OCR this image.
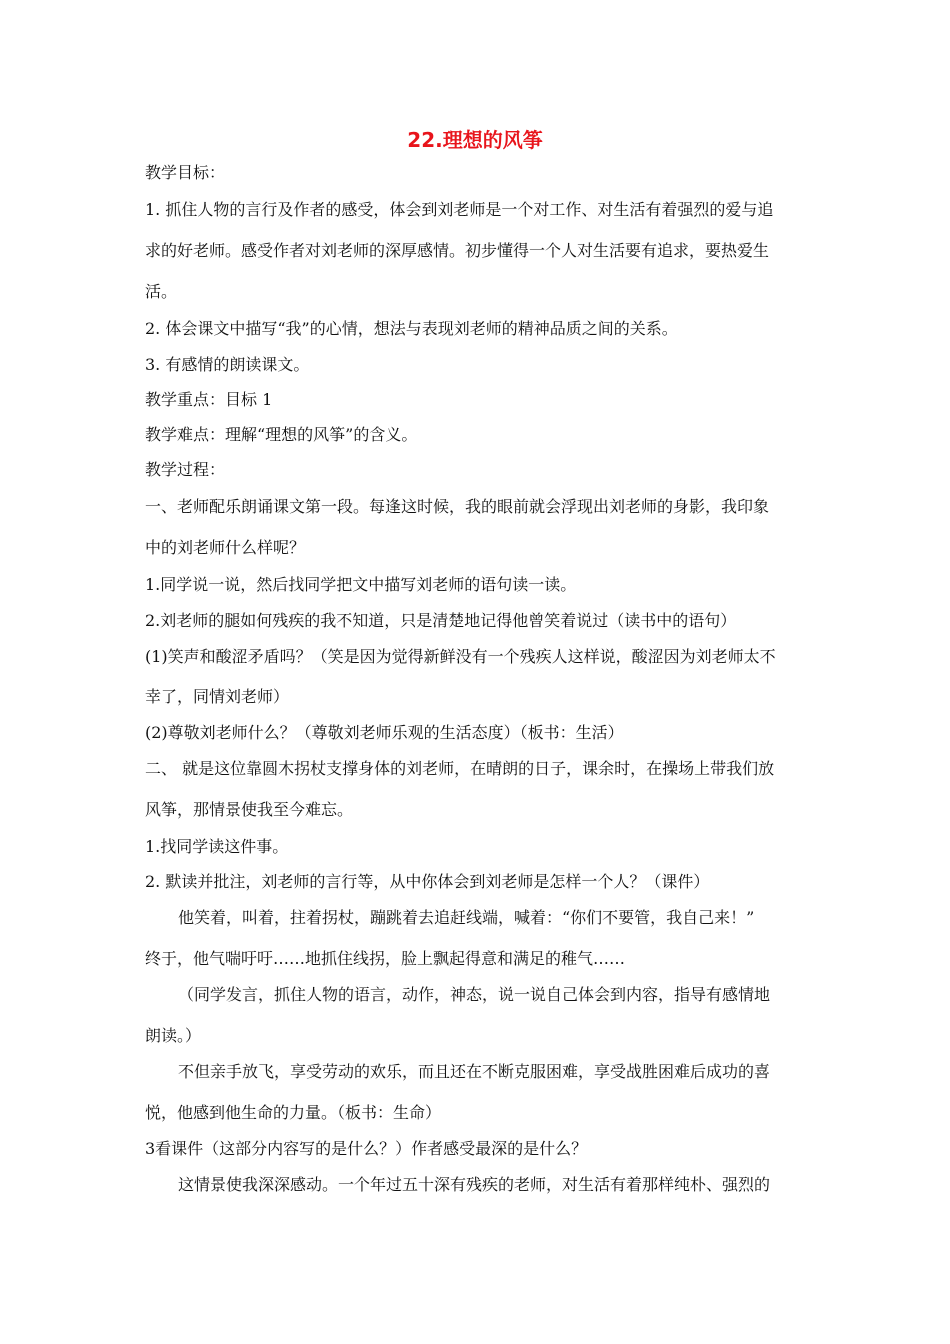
22.理想的风筝
教学目标：
1. 抓住人物的言行及作者的感受，体会到刘老师是一个对工作、对生活有着强烈的爱与追
求的好老师。感受作者对刘老师的深厚感情。初步懂得一个人对生活要有追求，要热爱生
活。
2. 体会课文中描写“我”的心情，想法与表现刘老师的精神品质之间的关系。
3. 有感情的朗读课文。
教学重点：目标 1
教学难点：理解“理想的风筝”的含义。
教学过程：
一、老师配乐朗诵课文第一段。每逢这时候，我的眼前就会浮现出刘老师的身影，我印象
中的刘老师什么样呢？
1.同学说一说，然后找同学把文中描写刘老师的语句读一读。
2.刘老师的腿如何残疾的我不知道，只是清楚地记得他曾笑着说过（读书中的语句）
(1)笑声和酸涩矛盾吗？（笑是因为觉得新鲜没有一个残疾人这样说，酸涩因为刘老师太不
幸了，同情刘老师）
(2)尊敬刘老师什么？（尊敬刘老师乐观的生活态度）（板书：生活）
二、 就是这位靠圆木拐杖支撑身体的刘老师，在晴朗的日子，课余时，在操场上带我们放
风筝，那情景使我至今难忘。
1.找同学读这件事。
2. 默读并批注，刘老师的言行等，从中你体会到刘老师是怎样一个人？（课件）
他笑着，叫着，拄着拐杖，蹦跳着去追赶线端，喊着：“你们不要管，我自己来！”
终于，他气喘吁吁……地抓住线拐，脸上飘起得意和满足的稚气……
（同学发言，抓住人物的语言，动作，神态，说一说自己体会到内容，指导有感情地
朗读。）
不但亲手放飞，享受劳动的欢乐，而且还在不断克服困难，享受战胜困难后成功的喜
悦，他感到他生命的力量。（板书：生命）
3看课件（这部分内容写的是什么？）作者感受最深的是什么？
这情景使我深深感动。一个年过五十深有残疾的老师，对生活有着那样纯朴、强烈的
